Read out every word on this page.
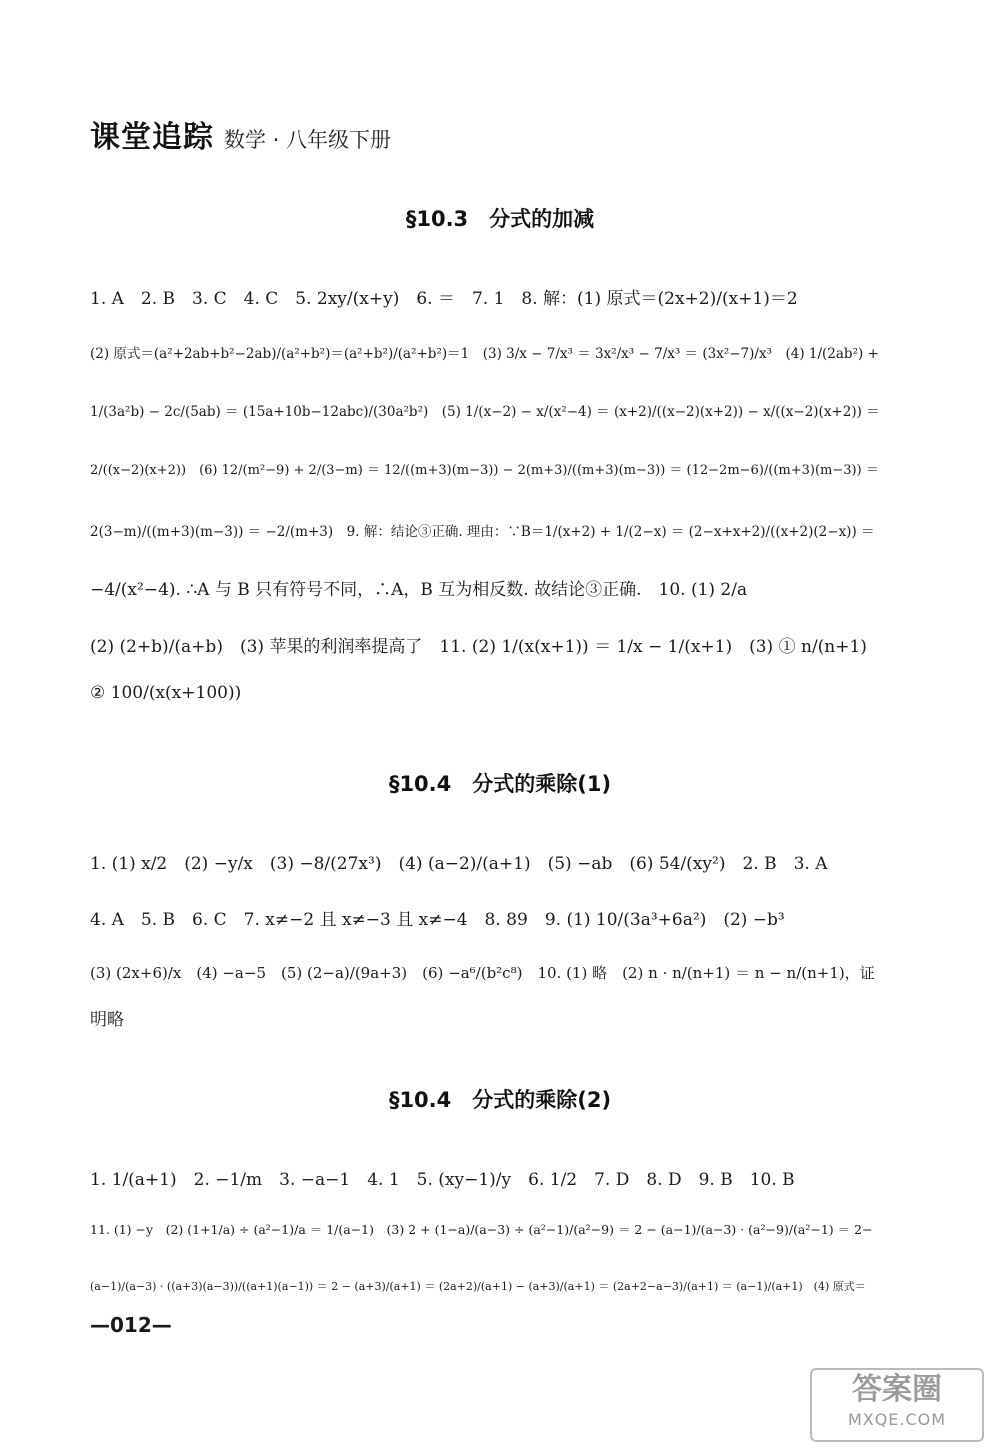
课堂追踪 数学 · 八年级下册
§10.3　分式的加减
1. A　2. B　3. C　4. C　5. 2xy/(x+y)　6. ＝　7. 1　8. 解：(1) 原式＝(2x+2)/(x+1)＝2
(2) 原式＝(a²+2ab+b²−2ab)/(a²+b²)＝(a²+b²)/(a²+b²)＝1　(3) 3/x − 7/x³ ＝ 3x²/x³ − 7/x³ ＝ (3x²−7)/x³　(4) 1/(2ab²) +
1/(3a²b) − 2c/(5ab) ＝ (15a+10b−12abc)/(30a²b²)　(5) 1/(x−2) − x/(x²−4) ＝ (x+2)/((x−2)(x+2)) − x/((x−2)(x+2)) ＝
2/((x−2)(x+2))　(6) 12/(m²−9) + 2/(3−m) ＝ 12/((m+3)(m−3)) − 2(m+3)/((m+3)(m−3)) ＝ (12−2m−6)/((m+3)(m−3)) ＝
2(3−m)/((m+3)(m−3)) ＝ −2/(m+3)　9. 解：结论③正确. 理由：∵B＝1/(x+2) + 1/(2−x) ＝ (2−x+x+2)/((x+2)(2−x)) ＝
−4/(x²−4). ∴A 与 B 只有符号不同，∴A，B 互为相反数. 故结论③正确.　10. (1) 2/a
(2) (2+b)/(a+b)　(3) 苹果的利润率提高了　11. (2) 1/(x(x+1)) ＝ 1/x − 1/(x+1)　(3) ① n/(n+1)
② 100/(x(x+100))
§10.4　分式的乘除(1)
1. (1) x/2　(2) −y/x　(3) −8/(27x³)　(4) (a−2)/(a+1)　(5) −ab　(6) 54/(xy²)　2. B　3. A
4. A　5. B　6. C　7. x≠−2 且 x≠−3 且 x≠−4　8. 89　9. (1) 10/(3a³+6a²)　(2) −b³
(3) (2x+6)/x　(4) −a−5　(5) (2−a)/(9a+3)　(6) −a⁶/(b²c⁸)　10. (1) 略　(2) n · n/(n+1) ＝ n − n/(n+1)，证
明略
§10.4　分式的乘除(2)
1. 1/(a+1)　2. −1/m　3. −a−1　4. 1　5. (xy−1)/y　6. 1/2　7. D　8. D　9. B　10. B
11. (1) −y　(2) (1+1/a) ÷ (a²−1)/a ＝ 1/(a−1)　(3) 2 + (1−a)/(a−3) ÷ (a²−1)/(a²−9) ＝ 2 − (a−1)/(a−3) · (a²−9)/(a²−1) ＝ 2−
(a−1)/(a−3) · ((a+3)(a−3))/((a+1)(a−1)) ＝ 2 − (a+3)/(a+1) ＝ (2a+2)/(a+1) − (a+3)/(a+1) ＝ (2a+2−a−3)/(a+1) ＝ (a−1)/(a+1)　(4) 原式＝
—012—
答案圈
MXQE.COM
